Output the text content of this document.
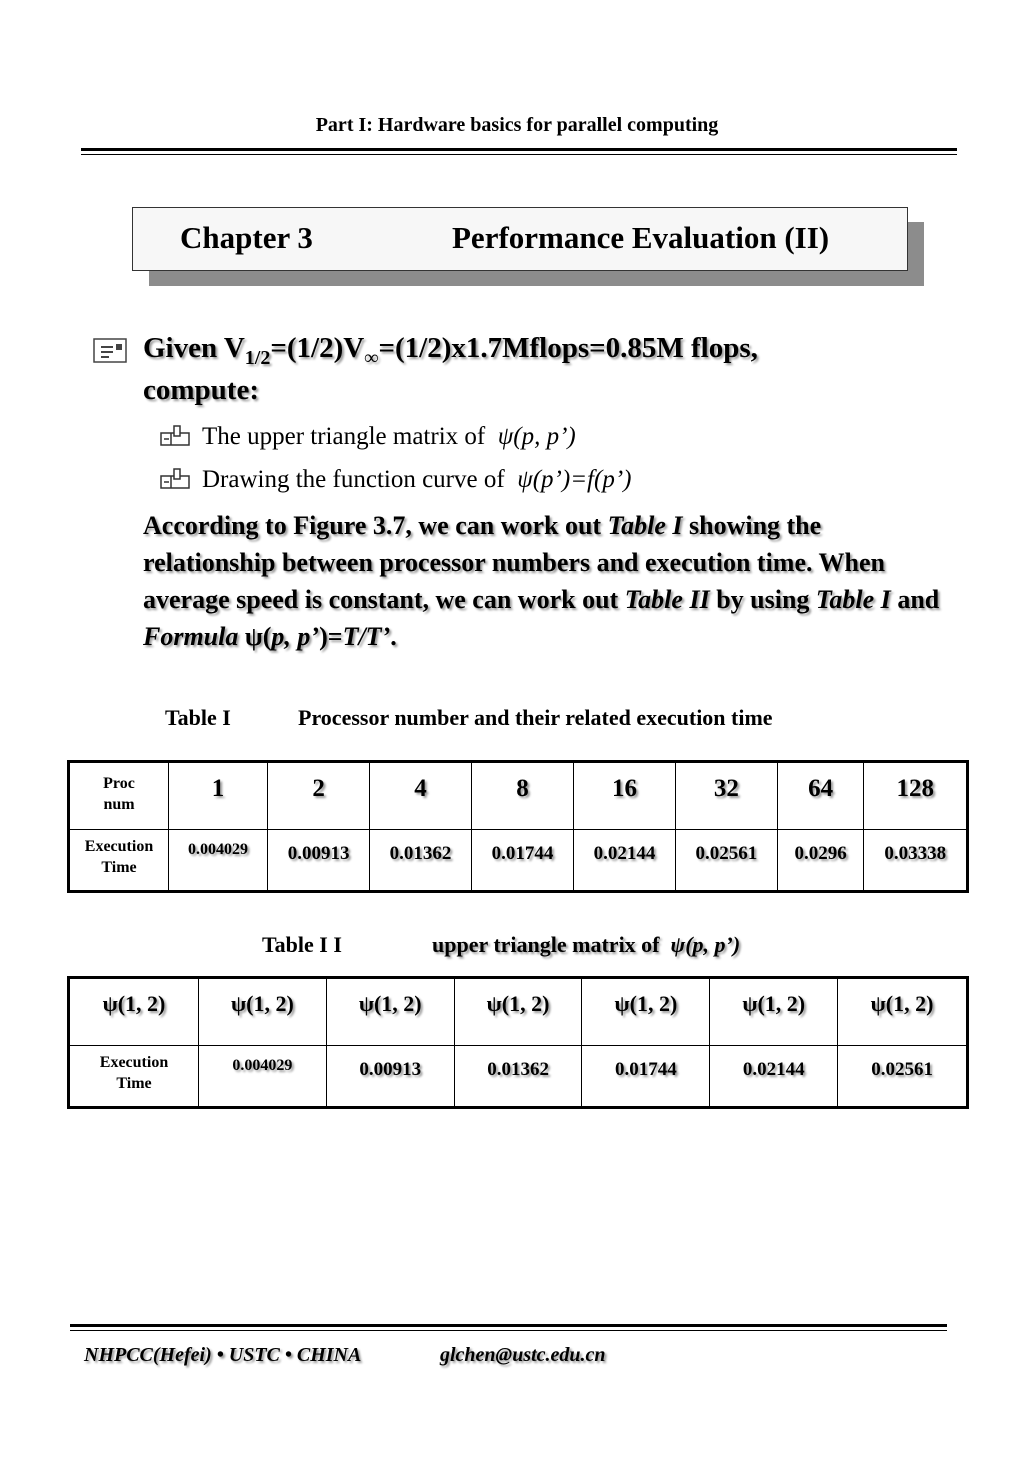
Part I: Hardware basics for parallel computing
Chapter 3	Performance Evaluation (II)
Given $V_{1/2}=(1/2)V_\infty=(1/2)x1.7Mflops=0.85M$ flops,
compute:
The upper triangle matrix of ψ(p, p’)
Drawing the function curve of ψ(p’)=f(p’)
According to Figure 3.7, we can work out Table I showing the relationship between processor numbers and execution time. When average speed is constant, we can work out Table II by using Table I and Formula ψ(p, p’)=T/T’.
Table I	Processor number and their related execution time
Proc
num	1	2	4	8	16	32	64	128
Execution
Time	0.004029	0.00913	0.01362	0.01744	0.02144	0.02561	0.0296	0.03338
Table I I	upper triangle matrix of ψ(p, p’)
ψ(1, 2)	ψ(1, 2)	ψ(1, 2)	ψ(1, 2)	ψ(1, 2)	ψ(1, 2)	ψ(1, 2)
Execution
Time	0.004029	0.00913	0.01362	0.01744	0.02144	0.02561
NHPCC(Hefei) • USTC • CHINA	glchen@ustc.edu.cn
